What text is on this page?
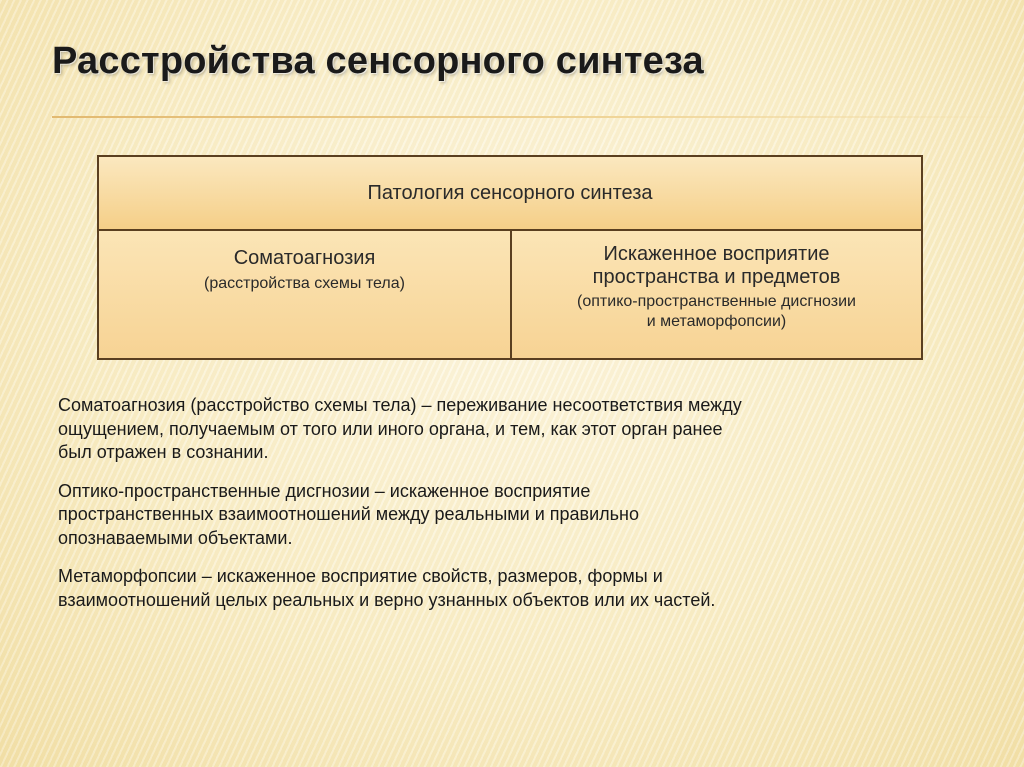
Расстройства сенсорного синтеза
Патология сенсорного синтеза
Соматоагнозия
(расстройства схемы тела)
Искаженное восприятие
пространства и предметов
(оптико-пространственные дисгнозии
и метаморфопсии)

Соматоагнозия (расстройство схемы тела) – переживание несоответствия между
ощущением, получаемым от того или иного органа, и тем, как этот орган ранее
был отражен в сознании.

Оптико-пространственные дисгнозии – искаженное восприятие
пространственных взаимоотношений между реальными и правильно
опознаваемыми объектами.

Метаморфопсии – искаженное восприятие свойств, размеров, формы и
взаимоотношений целых реальных и верно узнанных объектов или их частей.
